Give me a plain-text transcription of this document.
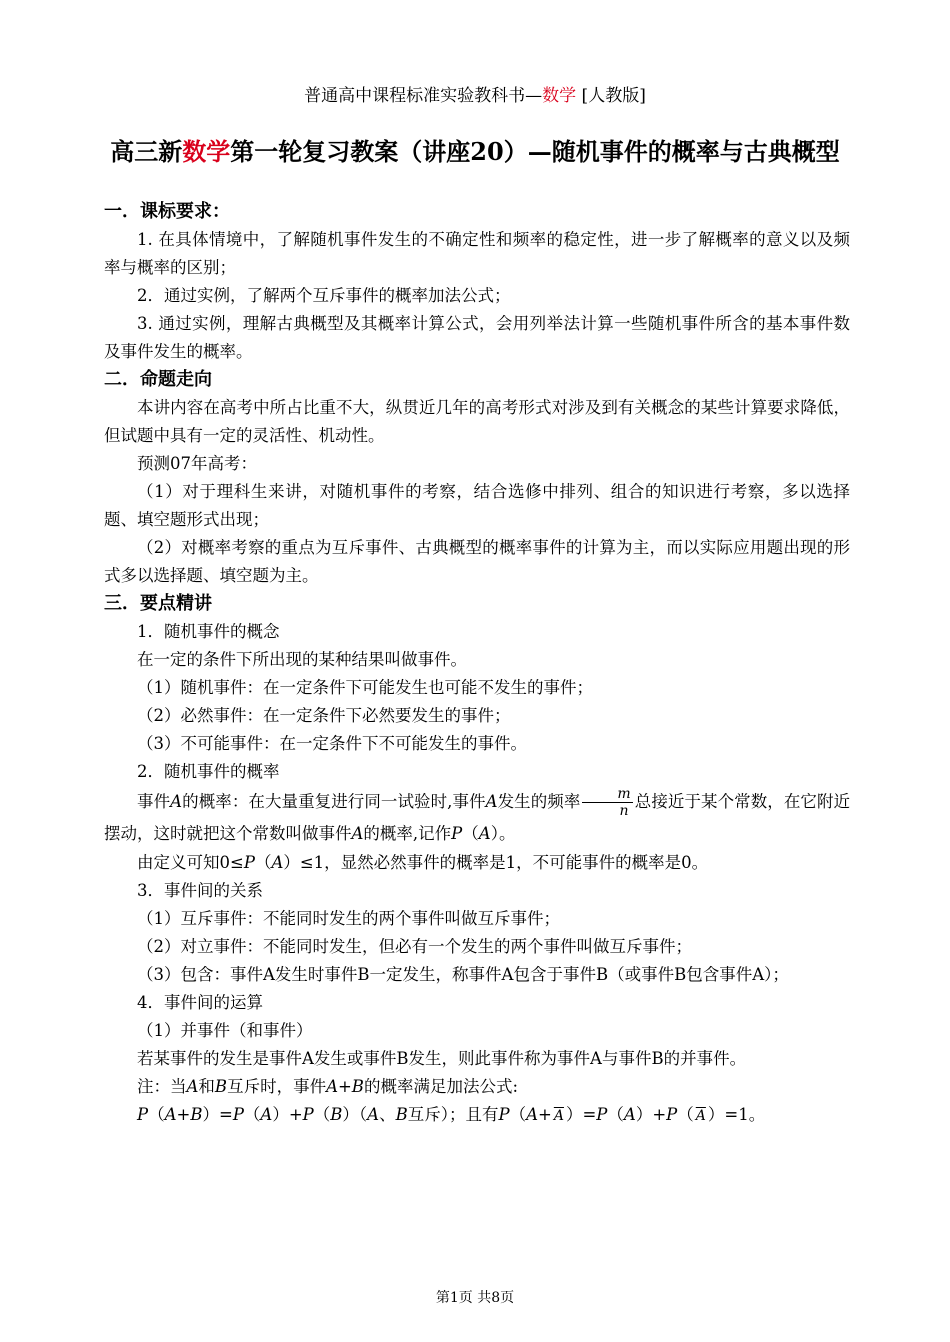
普通高中课程标准实验教科书—数学 [人教版]
高三新数学第一轮复习教案（讲座20）—随机事件的概率与古典概型

一．课标要求：

1. 在具体情境中，了解随机事件发生的不确定性和频率的稳定性，进一步了解概率的意义以及频率与概率的区别；

2．通过实例，了解两个互斥事件的概率加法公式；

3. 通过实例，理解古典概型及其概率计算公式，会用列举法计算一些随机事件所含的基本事件数及事件发生的概率。

二．命题走向

本讲内容在高考中所占比重不大，纵贯近几年的高考形式对涉及到有关概念的某些计算要求降低，但试题中具有一定的灵活性、机动性。

预测07年高考：

（1）对于理科生来讲，对随机事件的考察，结合选修中排列、组合的知识进行考察，多以选择题、填空题形式出现；

（2）对概率考察的重点为互斥事件、古典概型的概率事件的计算为主，而以实际应用题出现的形式多以选择题、填空题为主。

三．要点精讲

1．随机事件的概念

在一定的条件下所出现的某种结果叫做事件。

（1）随机事件：在一定条件下可能发生也可能不发生的事件；

（2）必然事件：在一定条件下必然要发生的事件；

（3）不可能事件：在一定条件下不可能发生的事件。

2．随机事件的概率

事件A的概率：在大量重复进行同一试验时,事件A发生的频率 $\frac{m}{n}$ 总接近于某个常数，在它附近摆动，这时就把这个常数叫做事件A的概率,记作P（A）。

由定义可知0≤P（A）≤1，显然必然事件的概率是1，不可能事件的概率是0。

3．事件间的关系

（1）互斥事件：不能同时发生的两个事件叫做互斥事件；

（2）对立事件：不能同时发生，但必有一个发生的两个事件叫做互斥事件；

（3）包含：事件A发生时事件B一定发生，称事件A包含于事件B（或事件B包含事件A）；

4．事件间的运算

（1）并事件（和事件）

若某事件的发生是事件A发生或事件B发生，则此事件称为事件A与事件B的并事件。

注：当A和B互斥时，事件A+B的概率满足加法公式:

P（A+B）=P（A）+P（B）（A、B互斥）；且有$P(A+ \overline{A}$ ）=P（A）+P（ $\overline{A}$ ）=1。

第1页 共8页
